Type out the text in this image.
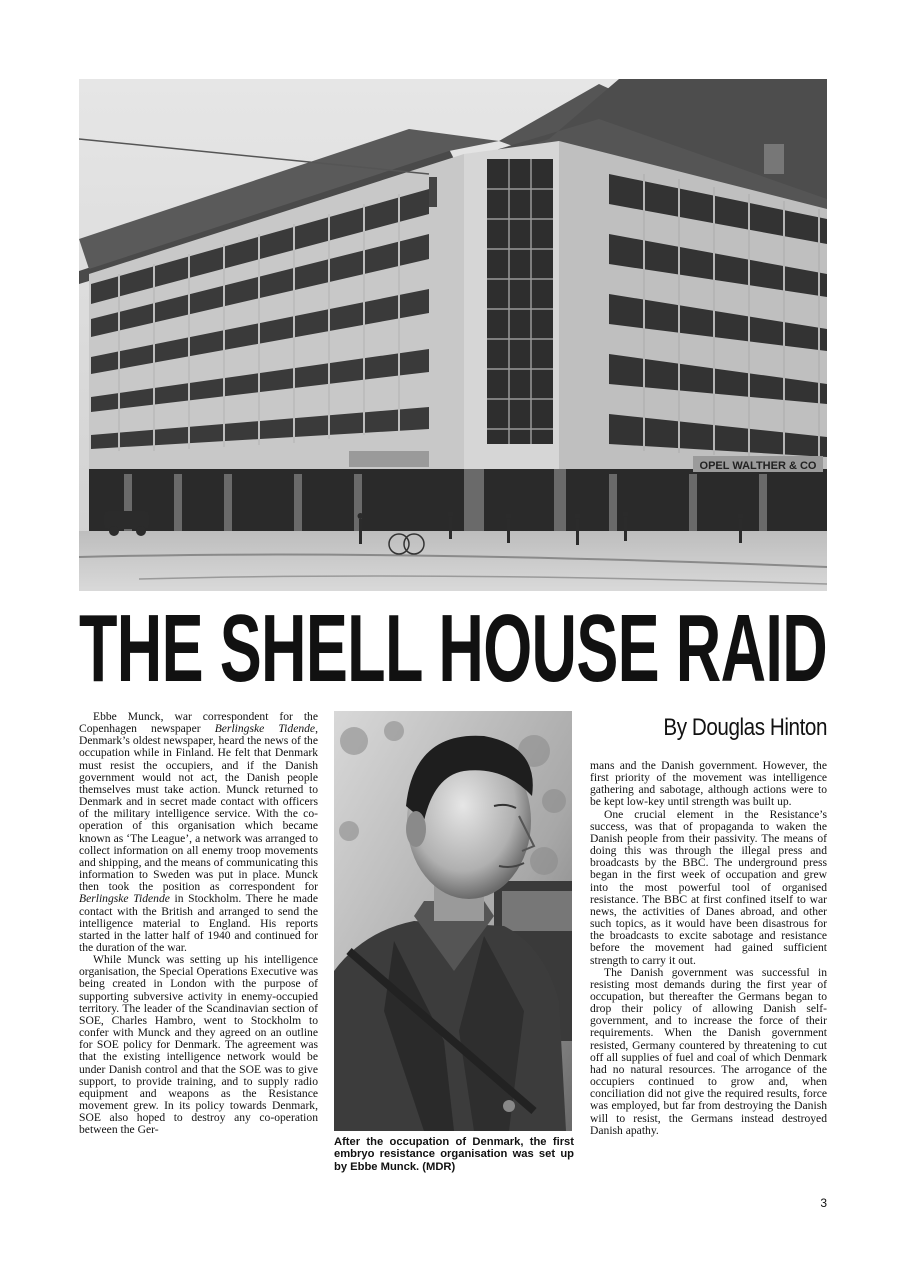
OPEL WALTHER & CO
THE SHELL HOUSE RAID

Ebbe Munck, war correspondent for the Copenhagen newspaper Berlingske Tidende, Denmark’s oldest newspaper, heard the news of the occupation while in Finland. He felt that Denmark must resist the occupiers, and if the Danish government would not act, the Danish people themselves must take action. Munck returned to Denmark and in secret made contact with officers of the military intelligence service. With the co-operation of this organisation which became known as ‘The League’, a network was arranged to collect information on all enemy troop movements and shipping, and the means of communicating this information to Sweden was put in place. Munck then took the position as correspondent for Berlingske Tidende in Stockholm. There he made contact with the British and arranged to send the intelligence material to England. His reports started in the latter half of 1940 and continued for the duration of the war.

While Munck was setting up his intelligence organisation, the Special Operations Executive was being created in London with the purpose of supporting subversive activity in enemy-occupied territory. The leader of the Scandinavian section of SOE, Charles Hambro, went to Stockholm to confer with Munck and they agreed on an outline for SOE policy for Denmark. The agreement was that the existing intelligence network would be under Danish control and that the SOE was to give support, to provide training, and to supply radio equipment and weapons as the Resistance movement grew. In its policy towards Denmark, SOE also hoped to destroy any co-operation between the Ger-

After the occupation of Denmark, the first embryo resistance organisation was set up by Ebbe Munck. (MDR)
By Douglas Hinton

mans and the Danish government. However, the first priority of the movement was intelligence gathering and sabotage, although actions were to be kept low-key until strength was built up.

One crucial element in the Resistance’s success, was that of propaganda to waken the Danish people from their passivity. The means of doing this was through the illegal press and broadcasts by the BBC. The underground press began in the first week of occupation and grew into the most powerful tool of organised resistance. The BBC at first confined itself to war news, the activities of Danes abroad, and other such topics, as it would have been disastrous for the broadcasts to excite sabotage and resistance before the movement had gained sufficient strength to carry it out.

The Danish government was successful in resisting most demands during the first year of occupation, but thereafter the Germans began to drop their policy of allowing Danish self-government, and to increase the force of their requirements. When the Danish government resisted, Germany countered by threatening to cut off all supplies of fuel and coal of which Denmark had no natural resources. The arrogance of the occupiers continued to grow and, when conciliation did not give the required results, force was employed, but far from destroying the Danish will to resist, the Germans instead destroyed Danish apathy.

3
